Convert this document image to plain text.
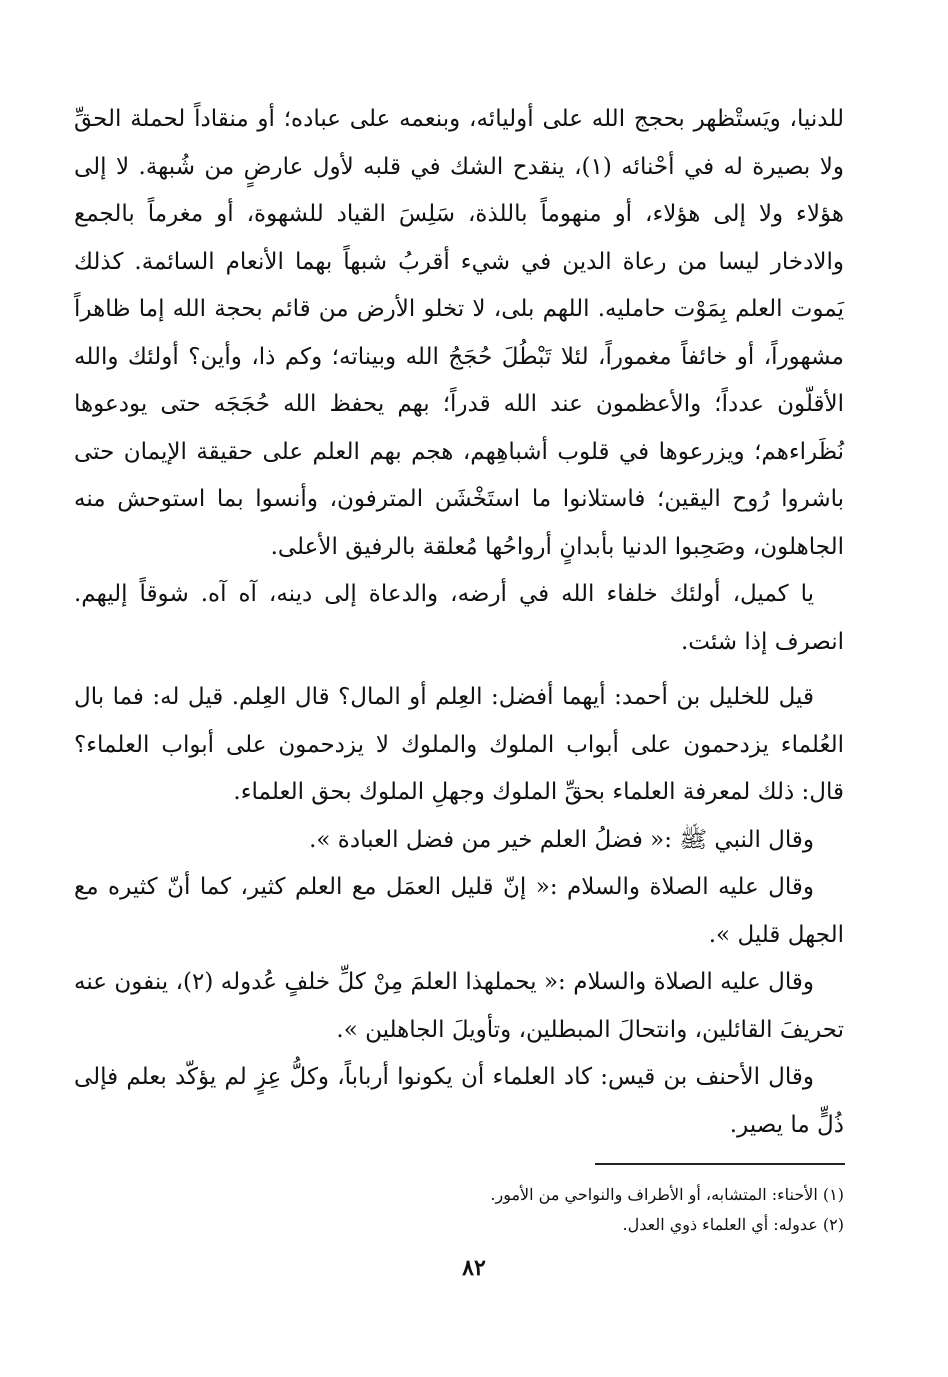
للدنيا، ويَستْظهر بحجج الله على أوليائه، وبنعمه على عباده؛ أو منقاداً لحملة الحقِّ ولا بصيرة له في أحْنائه (١)، ينقدح الشك في قلبه لأول عارضٍ من شُبهة. لا إلى هؤلاء ولا إلى هؤلاء، أو منهوماً باللذة، سَلِسَ القياد للشهوة، أو مغرماً بالجمع والادخار ليسا من رعاة الدين في شيء أقربُ شبهاً بهما الأنعام السائمة. كذلك يَموت العلم بِمَوْت حامليه. اللهم بلى، لا تخلو الأرض من قائم بحجة الله إما ظاهراً مشهوراً، أو خائفاً مغموراً، لئلا تَبْطُلَ حُجَجُ الله وبيناته؛ وكم ذا، وأين؟ أولئك والله الأقلّون عدداً؛ والأعظمون عند الله قدراً؛ بهم يحفظ الله حُجَجَه حتى يودعوها نُظَراءهم؛ ويزرعوها في قلوب أشباهِهم، هجم بهم العلم على حقيقة الإيمان حتى باشروا رُوح اليقين؛ فاستلانوا ما استَخْشَن المترفون، وأنسوا بما استوحش منه الجاهلون، وصَحِبوا الدنيا بأبدانٍ أرواحُها مُعلقة بالرفيق الأعلى.

يا كميل، أولئك خلفاء الله في أرضه، والدعاة إلى دينه، آه آه. شوقاً إليهم. انصرف إذا شئت.

قيل للخليل بن أحمد: أيهما أفضل: العِلم أو المال؟ قال العِلم. قيل له: فما بال العُلماء يزدحمون على أبواب الملوك والملوك لا يزدحمون على أبواب العلماء؟ قال: ذلك لمعرفة العلماء بحقِّ الملوك وجهلِ الملوك بحق العلماء.

وقال النبي ﷺ :« فضلُ العلم خير من فضل العبادة ».

وقال عليه الصلاة والسلام :« إنّ قليل العمَل مع العلم كثير، كما أنّ كثيره مع الجهل قليل ».

وقال عليه الصلاة والسلام :« يحملهذا العلمَ مِنْ كلِّ خلفٍ عُدوله (٢)، ينفون عنه تحريفَ القائلين، وانتحالَ المبطلين، وتأويلَ الجاهلين ».

وقال الأحنف بن قيس: كاد العلماء أن يكونوا أرباباً، وكلُّ عِزٍ لم يؤكّد بعلم فإلى ذُلٍّ ما يصير.

(١) الأحناء: المتشابه، أو الأطراف والنواحي من الأمور.

(٢) عدوله: أي العلماء ذوي العدل.

٨٢
